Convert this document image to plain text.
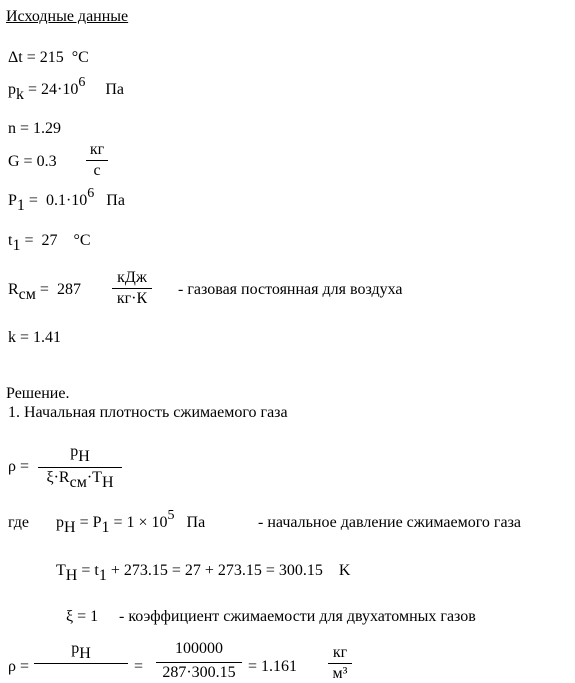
Исходные данные
Δt = 215 °C
pk = 24·106 Па
n = 1.29
G = 0.3
кг
с
P1 =  0.1·106 Па
t1 =  27 °C
Rсм =  287
кДж
кг·К
- газовая постоянная для воздуха
k = 1.41
Решение.
1. Начальная плотность сжимаемого газа
ρ =
pH
ξ·Rсм·TH
где pH = P1 = 1 × 105 Па	- начальное давление сжимаемого газа
TH = t1 + 273.15 = 27 + 273.15 = 300.15 K
ξ = 1 - коэффициент сжимаемости для двухатомных газов
ρ =
pH

=
100000
287·300.15 = 1.161
кг
м³
